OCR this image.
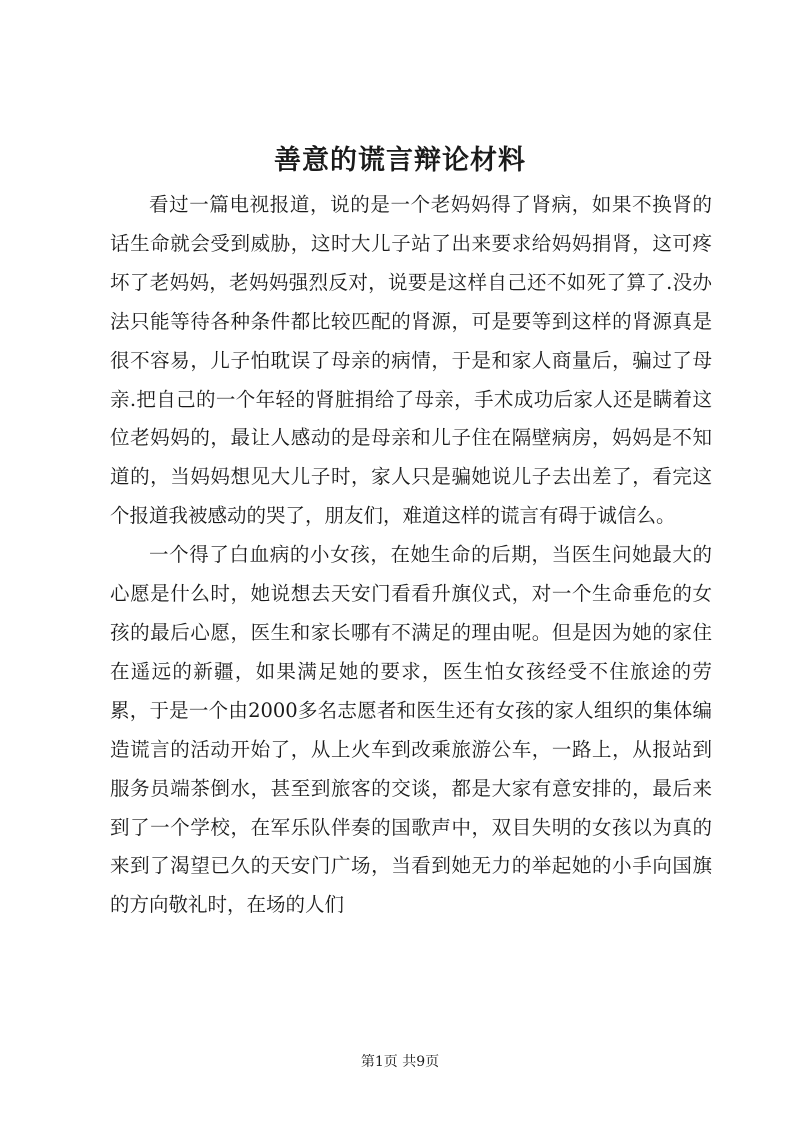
善意的谎言辩论材料

看过一篇电视报道，说的是一个老妈妈得了肾病，如果不换肾的话生命就会受到威胁，这时大儿子站了出来要求给妈妈捐肾，这可疼坏了老妈妈，老妈妈强烈反对，说要是这样自己还不如死了算了.没办法只能等待各种条件都比较匹配的肾源，可是要等到这样的肾源真是很不容易，儿子怕耽误了母亲的病情，于是和家人商量后，骗过了母亲.把自己的一个年轻的肾脏捐给了母亲，手术成功后家人还是瞒着这位老妈妈的，最让人感动的是母亲和儿子住在隔壁病房，妈妈是不知道的，当妈妈想见大儿子时，家人只是骗她说儿子去出差了，看完这个报道我被感动的哭了，朋友们，难道这样的谎言有碍于诚信么。

一个得了白血病的小女孩，在她生命的后期，当医生问她最大的心愿是什么时，她说想去天安门看看升旗仪式，对一个生命垂危的女孩的最后心愿，医生和家长哪有不满足的理由呢。但是因为她的家住在遥远的新疆，如果满足她的要求，医生怕女孩经受不住旅途的劳累，于是一个由2000多名志愿者和医生还有女孩的家人组织的集体编造谎言的活动开始了，从上火车到改乘旅游公车，一路上，从报站到服务员端茶倒水，甚至到旅客的交谈，都是大家有意安排的，最后来到了一个学校，在军乐队伴奏的国歌声中，双目失明的女孩以为真的来到了渴望已久的天安门广场，当看到她无力的举起她的小手向国旗的方向敬礼时，在场的人们

第1页 共9页
